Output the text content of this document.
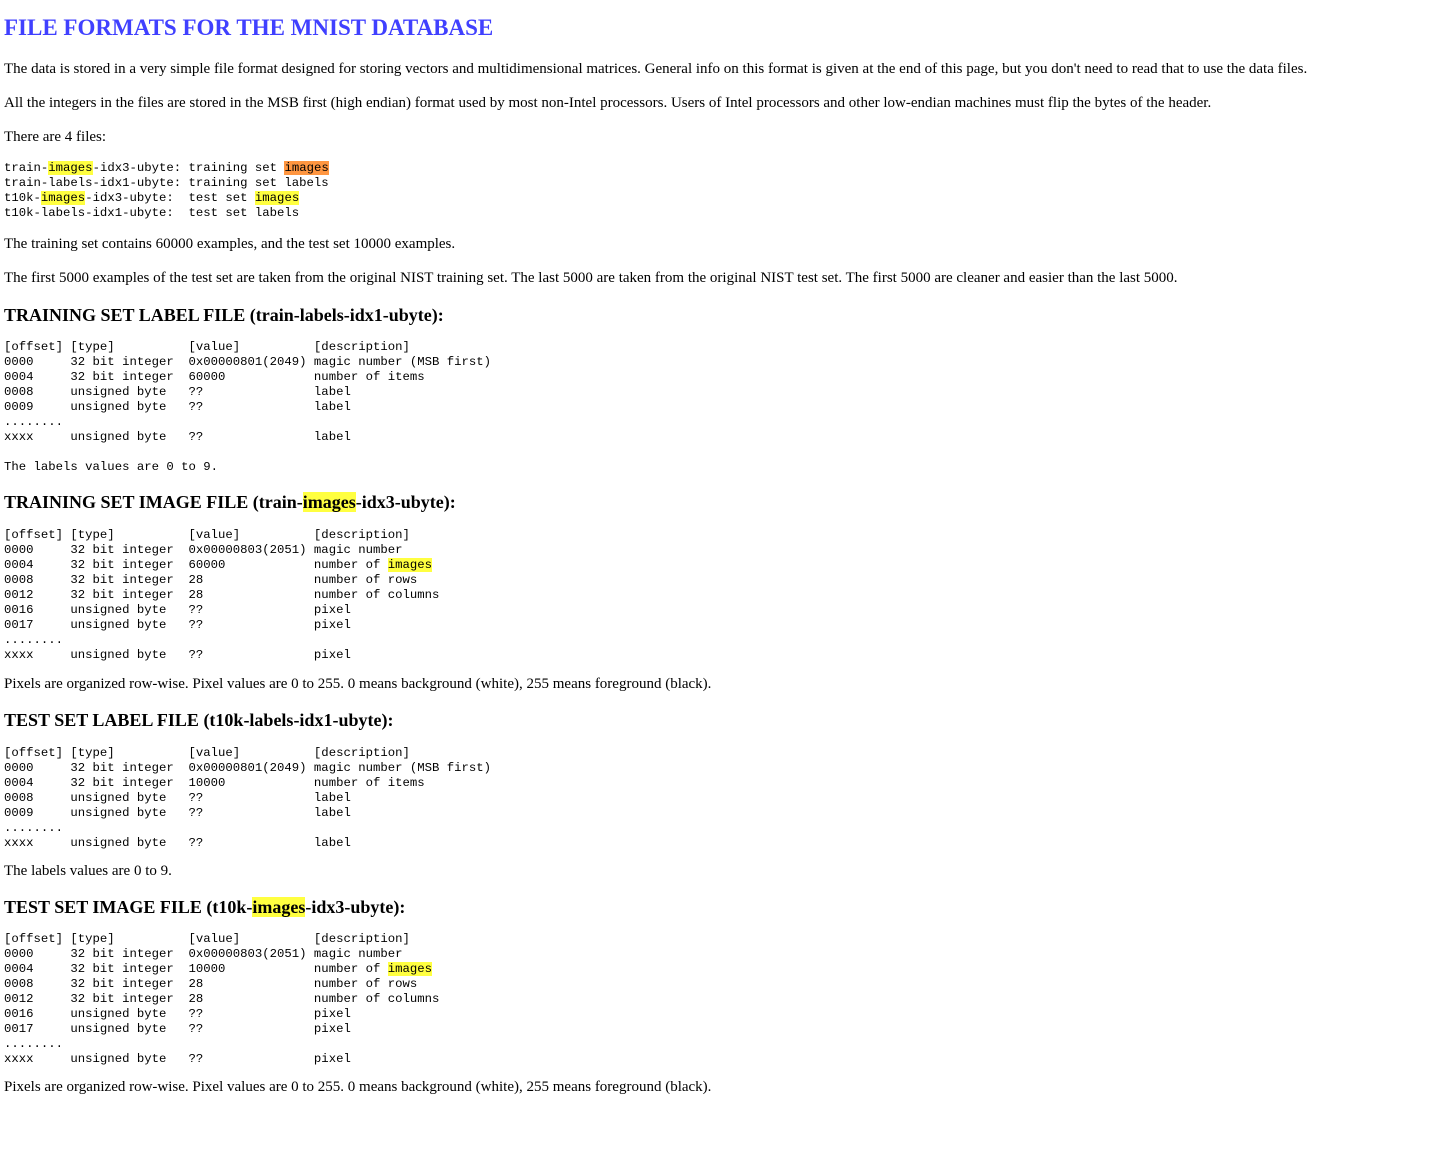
FILE FORMATS FOR THE MNIST DATABASE

The data is stored in a very simple file format designed for storing vectors and multidimensional matrices. General info on this format is given at the end of this page, but you don't need to read that to use the data files.

All the integers in the files are stored in the MSB first (high endian) format used by most non-Intel processors. Users of Intel processors and other low-endian machines must flip the bytes of the header.

There are 4 files:

train-images-idx3-ubyte: training set images
train-labels-idx1-ubyte: training set labels
t10k-images-idx3-ubyte:  test set images
t10k-labels-idx1-ubyte:  test set labels

The training set contains 60000 examples, and the test set 10000 examples.

The first 5000 examples of the test set are taken from the original NIST training set. The last 5000 are taken from the original NIST test set. The first 5000 are cleaner and easier than the last 5000.

TRAINING SET LABEL FILE (train-labels-idx1-ubyte):
[offset] [type]          [value]          [description]
0000     32 bit integer  0x00000801(2049) magic number (MSB first)
0004     32 bit integer  60000            number of items
0008     unsigned byte   ??               label
0009     unsigned byte   ??               label
........
xxxx     unsigned byte   ??               label
The labels values are 0 to 9.
TRAINING SET IMAGE FILE (train-images-idx3-ubyte):
[offset] [type]          [value]          [description]
0000     32 bit integer  0x00000803(2051) magic number
0004     32 bit integer  60000            number of images
0008     32 bit integer  28               number of rows
0012     32 bit integer  28               number of columns
0016     unsigned byte   ??               pixel
0017     unsigned byte   ??               pixel
........
xxxx     unsigned byte   ??               pixel

Pixels are organized row-wise. Pixel values are 0 to 255. 0 means background (white), 255 means foreground (black).

TEST SET LABEL FILE (t10k-labels-idx1-ubyte):
[offset] [type]          [value]          [description]
0000     32 bit integer  0x00000801(2049) magic number (MSB first)
0004     32 bit integer  10000            number of items
0008     unsigned byte   ??               label
0009     unsigned byte   ??               label
........
xxxx     unsigned byte   ??               label

The labels values are 0 to 9.

TEST SET IMAGE FILE (t10k-images-idx3-ubyte):
[offset] [type]          [value]          [description]
0000     32 bit integer  0x00000803(2051) magic number
0004     32 bit integer  10000            number of images
0008     32 bit integer  28               number of rows
0012     32 bit integer  28               number of columns
0016     unsigned byte   ??               pixel
0017     unsigned byte   ??               pixel
........
xxxx     unsigned byte   ??               pixel

Pixels are organized row-wise. Pixel values are 0 to 255. 0 means background (white), 255 means foreground (black).
